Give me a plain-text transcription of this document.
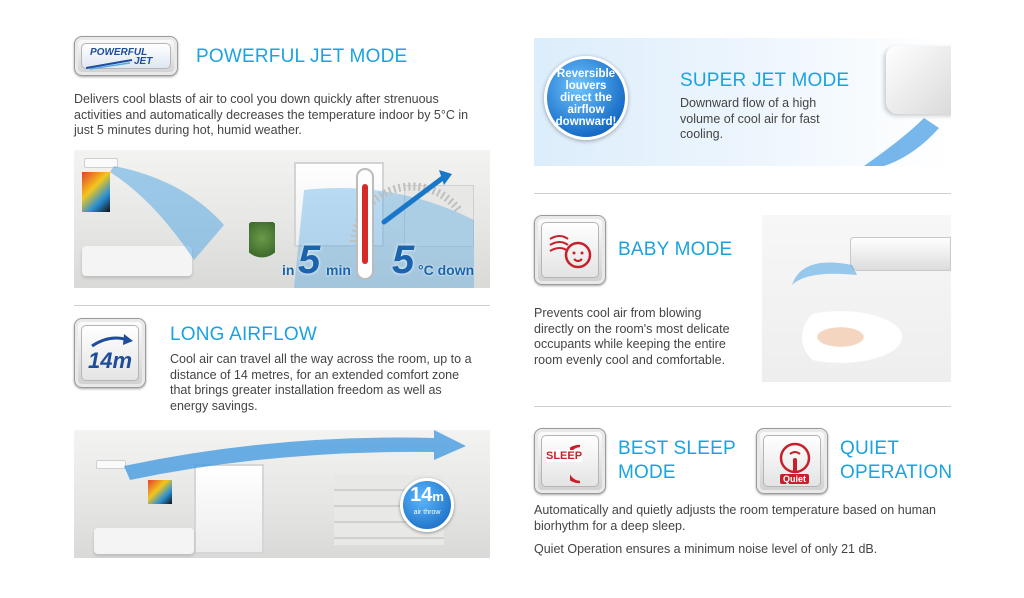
POWERFUL
JET POWERFUL JET MODE

Delivers cool blasts of air to cool you down quickly after strenuous activities and automatically decreases the temperature indoor by 5°C in just 5 minutes during hot, humid weather.

in 5 min 5 °C down
14m
LONG AIRFLOW

Cool air can travel all the way across the room, up to a distance of 14 metres, for an extended comfort zone that brings greater installation freedom as well as energy savings.

14m
air throw
Reversible louvers direct the airflow downward!
SUPER JET MODE

Downward flow of a high volume of cool air for fast cooling.

BABY MODE

Prevents cool air from blowing directly on the room's most delicate occupants while keeping the entire room evenly cool and comfortable.

SLEEP BEST SLEEP
MODE	Quiet
QUIET
OPERATION

Automatically and quietly adjusts the room temperature based on human biorhythm for a deep sleep.

Quiet Operation ensures a minimum noise level of only 21 dB.
